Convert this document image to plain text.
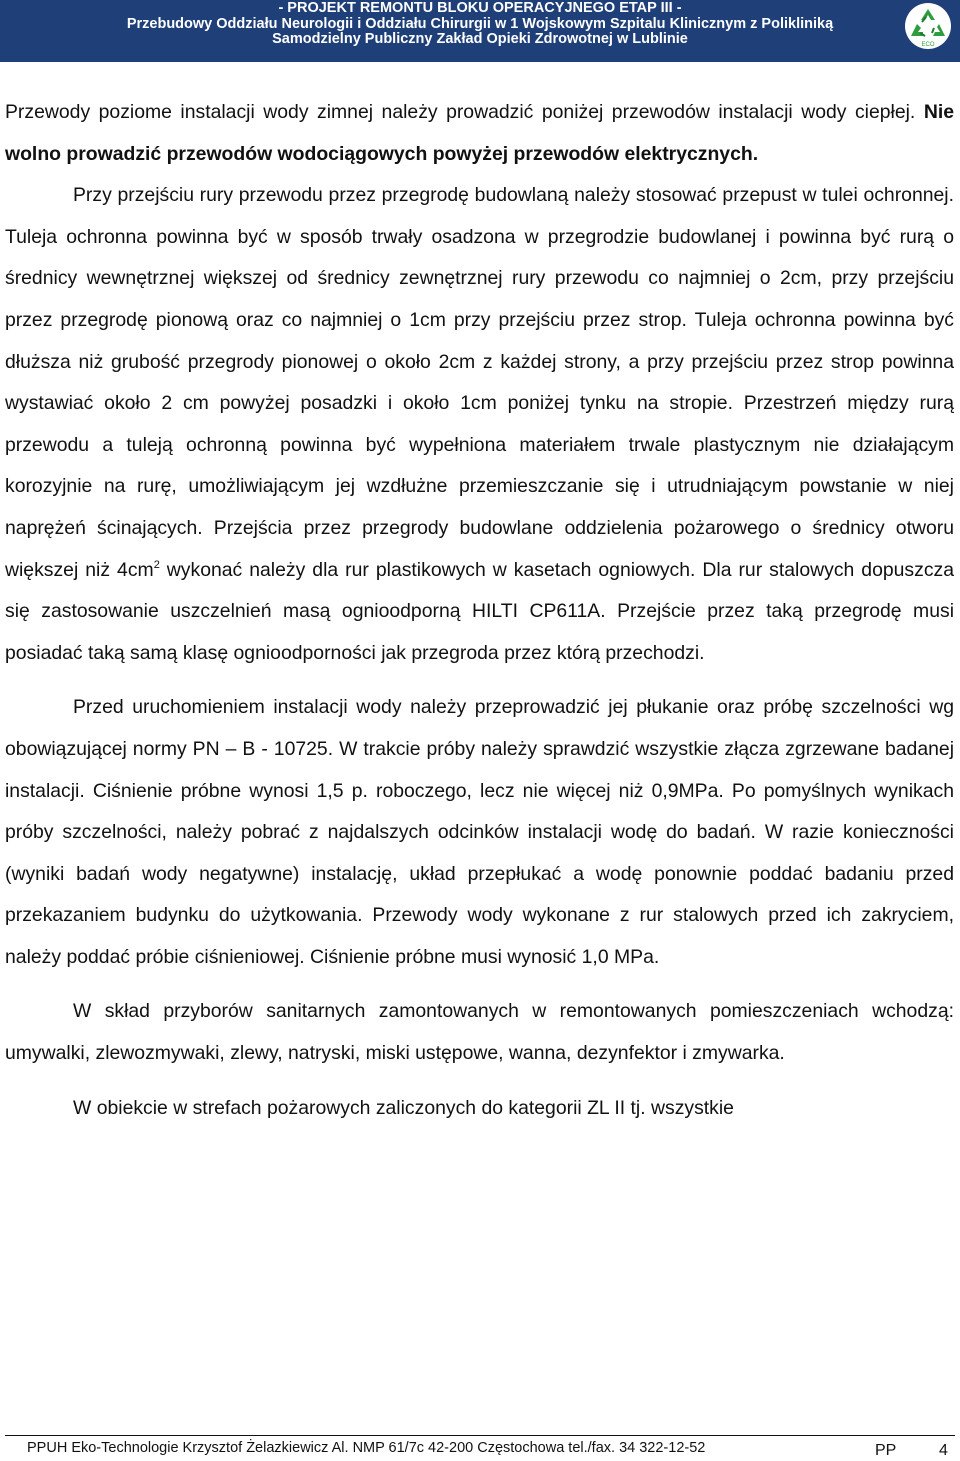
- PROJEKT REMONTU BLOKU OPERACYJNEGO ETAP III -
Przebudowy Oddziału Neurologii i Oddziału Chirurgii w 1 Wojskowym Szpitalu Klinicznym z Polikliniką
Samodzielny Publiczny Zakład Opieki Zdrowotnej w Lublinie	ECO

Przewody poziome instalacji wody zimnej należy prowadzić poniżej przewodów instalacji wody ciepłej. Nie wolno prowadzić przewodów wodociągowych powyżej przewodów elektrycznych.

Przy przejściu rury przewodu przez przegrodę budowlaną należy stosować przepust w tulei ochronnej. Tuleja ochronna powinna być w sposób trwały osadzona w przegrodzie budowlanej i powinna być rurą o średnicy wewnętrznej większej od średnicy zewnętrznej rury przewodu co najmniej o 2cm, przy przejściu przez przegrodę pionową oraz co najmniej o 1cm przy przejściu przez strop. Tuleja ochronna powinna być dłuższa niż grubość przegrody pionowej o około 2cm z każdej strony, a przy przejściu przez strop powinna wystawiać około 2 cm powyżej posadzki i około 1cm poniżej tynku na stropie. Przestrzeń między rurą przewodu a tuleją ochronną powinna być wypełniona materiałem trwale plastycznym nie działającym korozyjnie na rurę, umożliwiającym jej wzdłużne przemieszczanie się i utrudniającym powstanie w niej naprężeń ścinających. Przejścia przez przegrody budowlane oddzielenia pożarowego o średnicy otworu większej niż $4cm^2$ wykonać należy dla rur plastikowych w kasetach ogniowych. Dla rur stalowych dopuszcza się zastosowanie uszczelnień masą ognioodporną HILTI CP611A. Przejście przez taką przegrodę musi posiadać taką samą klasę ognioodporności jak przegroda przez którą przechodzi.

Przed uruchomieniem instalacji wody należy przeprowadzić jej płukanie oraz próbę szczelności wg obowiązującej normy PN – B - 10725. W trakcie próby należy sprawdzić wszystkie złącza zgrzewane badanej instalacji. Ciśnienie próbne wynosi 1,5 p. roboczego, lecz nie więcej niż 0,9MPa. Po pomyślnych wynikach próby szczelności, należy pobrać z najdalszych odcinków instalacji wodę do badań. W razie konieczności (wyniki badań wody negatywne) instalację, układ przepłukać a wodę ponownie poddać badaniu przed przekazaniem budynku do użytkowania. Przewody wody wykonane z rur stalowych przed ich zakryciem, należy poddać próbie ciśnieniowej. Ciśnienie próbne musi wynosić 1,0 MPa.

W skład przyborów sanitarnych zamontowanych w remontowanych pomieszczeniach wchodzą: umywalki, zlewozmywaki, zlewy, natryski, miski ustępowe, wanna, dezynfektor i zmywarka.

W obiekcie w strefach pożarowych zaliczonych do kategorii ZL II tj. wszystkie

PPUH Eko-Technologie Krzysztof Żelazkiewicz Al. NMP 61/7c 42-200 Częstochowa tel./fax. 34 322-12-52	PP	4
